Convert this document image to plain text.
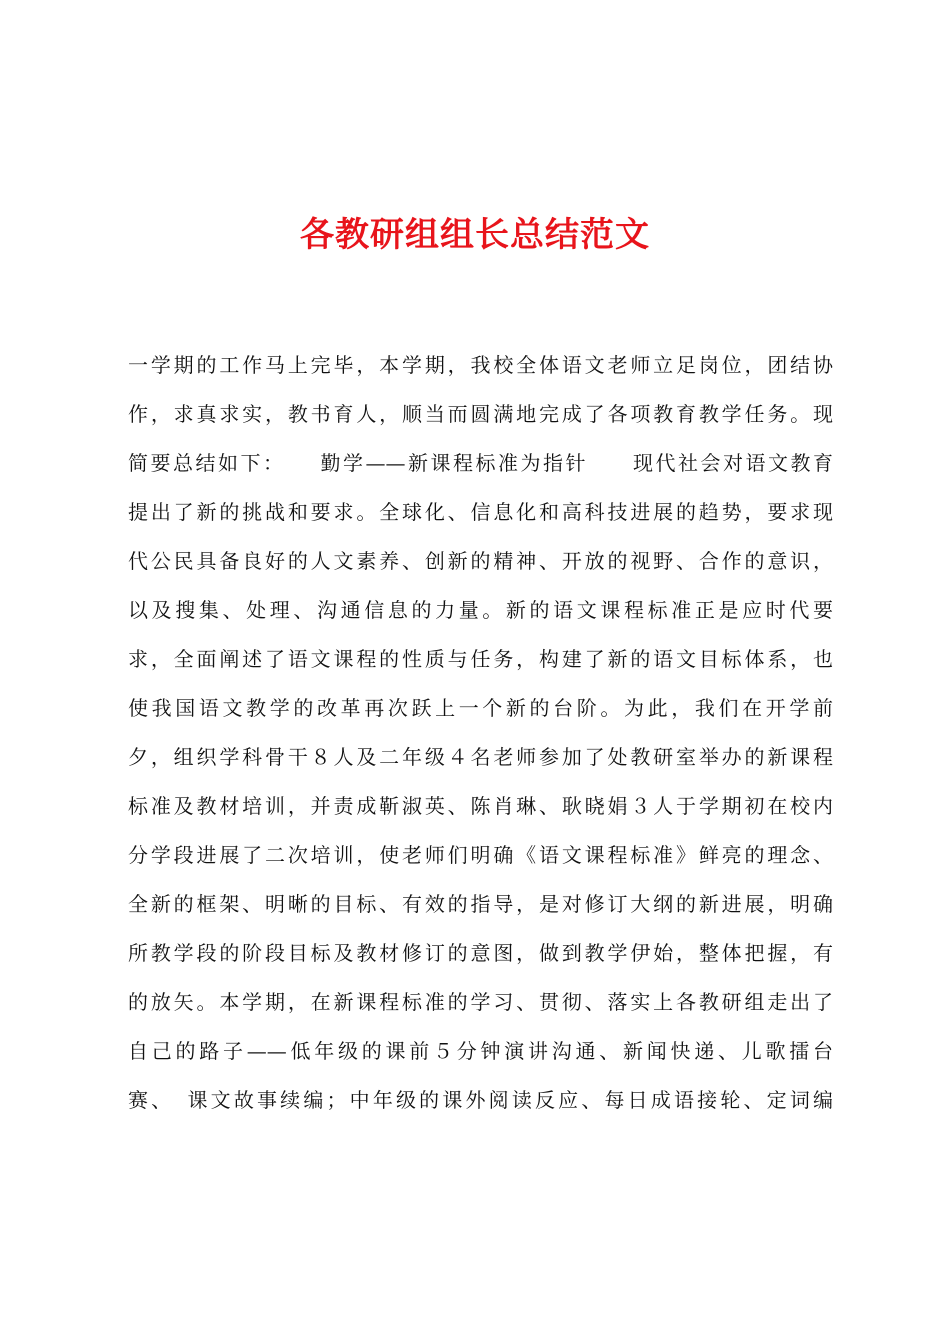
各教研组组长总结范文

一学期的工作马上完毕，本学期，我校全体语文老师立足岗位，团结协

作，求真求实，教书育人，顺当而圆满地完成了各项教育教学任务。现

简要总结如下：　　勤学——新课程标准为指针　　现代社会对语文教育

提出了新的挑战和要求。全球化、信息化和高科技进展的趋势，要求现

代公民具备良好的人文素养、创新的精神、开放的视野、合作的意识，

以及搜集、处理、沟通信息的力量。新的语文课程标准正是应时代要

求，全面阐述了语文课程的性质与任务，构建了新的语文目标体系，也

使我国语文教学的改革再次跃上一个新的台阶。为此，我们在开学前

夕，组织学科骨干８人及二年级４名老师参加了处教研室举办的新课程

标准及教材培训，并责成靳淑英、陈肖琳、耿晓娟３人于学期初在校内

分学段进展了二次培训，使老师们明确《语文课程标准》鲜亮的理念、

全新的框架、明晰的目标、有效的指导，是对修订大纲的新进展，明确

所教学段的阶段目标及教材修订的意图，做到教学伊始，整体把握，有

的放矢。本学期，在新课程标准的学习、贯彻、落实上各教研组走出了

自己的路子——低年级的课前５分钟演讲沟通、新闻快递、儿歌擂台

赛、　课文故事续编；中年级的课外阅读反应、每日成语接轮、定词编
